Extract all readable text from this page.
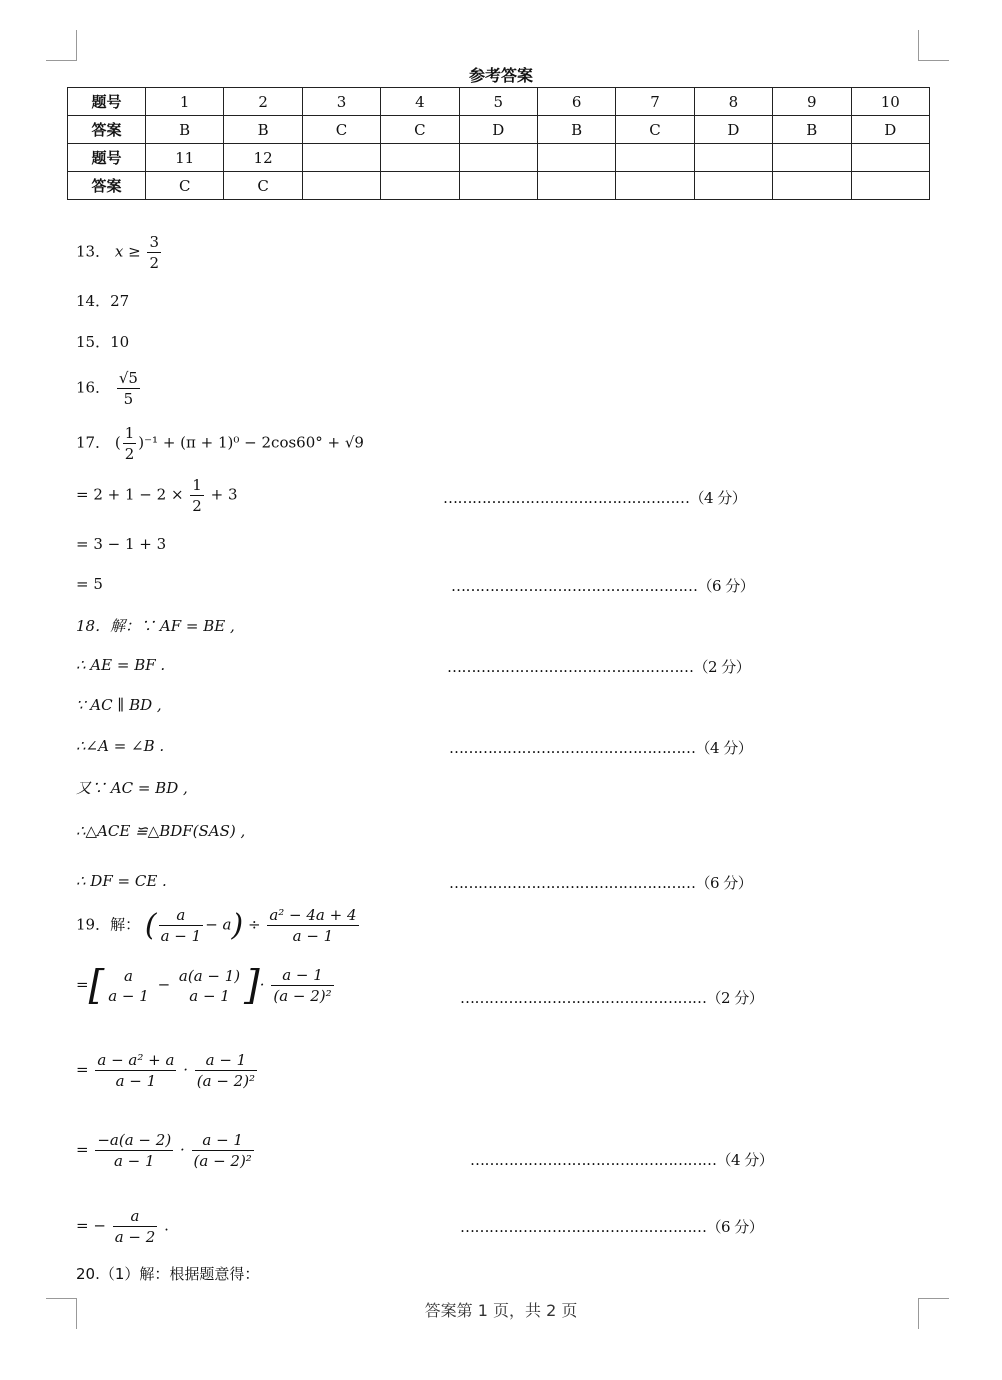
参考答案
题号	1	2	3	4	5	6	7	8	9	10
答案	B	B	C	C	D	B	C	D	B	D
题号	11	12								
答案	C	C								
13． $x \ge \frac{3}{2}$
14．27
15．10
16． $\frac{√5}{5}$
17． ( $\frac{1}{2} )^{-1} + (\pi + 1)^0 - 2\cos 60^\circ + √9$
= $2 + 1 - 2 \times \frac{1}{2} + 3$	……………………………………………（4 分）
= 3 − 1 + 3
= 5	……………………………………………（6 分）
18．解：∵ AF = BE ,
∴ AE = BF .	……………………………………………（2 分）
∵ AC ∥ BD ,
∴∠A = ∠B .	……………………………………………（4 分）
又∵ AC = BD ,
∴△ACE ≌△BDF(SAS) ,
∴ DF = CE .	……………………………………………（6 分）
19．解： ( $\frac{a}{a - 1} - a) \div \frac{\text{a² − 4a + 4}}{a - 1}$
=[	a
a − 1
− a(a − 1)
a − 1 ]· $\frac{a - 1}{\text{(a − 2)²}}$	……………………………………………（2 分）
= $\frac{\text{a − a² + a}}{a - 1} \cdot \frac{a - 1}{\text{(a − 2)²}}$
= $\frac{-a(a - 2)}{a - 1} \cdot \frac{a - 1}{\text{(a − 2)²}}$	……………………………………………（4 分）
= − $\frac{a}{a - 2}$ .	……………………………………………（6 分）
20.（1）解：根据题意得：
答案第 1 页，共 2 页
